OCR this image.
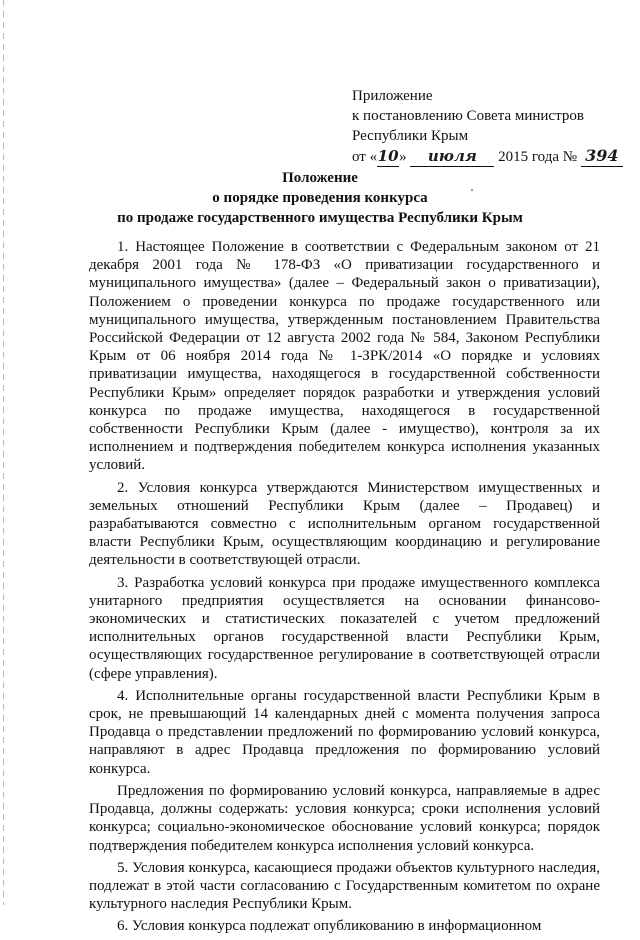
Приложение
к постановлению Совета министров
Республики Крым
от «10» июля 2015 года № 394
Положение
о порядке проведения конкурса
по продаже государственного имущества Республики Крым

1. Настоящее Положение в соответствии с Федеральным законом от 21 декабря 2001 года № 178-ФЗ «О приватизации государственного и муниципального имущества» (далее – Федеральный закон о приватизации), Положением о проведении конкурса по продаже государственного или муниципального имущества, утвержденным постановлением Правительства Российской Федерации от 12 августа 2002 года № 584, Законом Республики Крым от 06 ноября 2014 года № 1-ЗРК/2014 «О порядке и условиях приватизации имущества, находящегося в государственной собственности Республики Крым» определяет порядок разработки и утверждения условий конкурса по продаже имущества, находящегося в государственной собственности Республики Крым (далее - имущество), контроля за их исполнением и подтверждения победителем конкурса исполнения указанных условий.

2. Условия конкурса утверждаются Министерством имущественных и земельных отношений Республики Крым (далее – Продавец) и разрабатываются совместно с исполнительным органом государственной власти Республики Крым, осуществляющим координацию и регулирование деятельности в соответствующей отрасли.

3. Разработка условий конкурса при продаже имущественного комплекса унитарного предприятия осуществляется на основании финансово-экономических и статистических показателей с учетом предложений исполнительных органов государственной власти Республики Крым, осуществляющих государственное регулирование в соответствующей отрасли (сфере управления).

4. Исполнительные органы государственной власти Республики Крым в срок, не превышающий 14 календарных дней с момента получения запроса Продавца о представлении предложений по формированию условий конкурса, направляют в адрес Продавца предложения по формированию условий конкурса.

Предложения по формированию условий конкурса, направляемые в адрес Продавца, должны содержать: условия конкурса; сроки исполнения условий конкурса; социально-экономическое обоснование условий конкурса; порядок подтверждения победителем конкурса исполнения условий конкурса.

5. Условия конкурса, касающиеся продажи объектов культурного наследия, подлежат в этой части согласованию с Государственным комитетом по охране культурного наследия Республики Крым.

6. Условия конкурса подлежат опубликованию в информационном
